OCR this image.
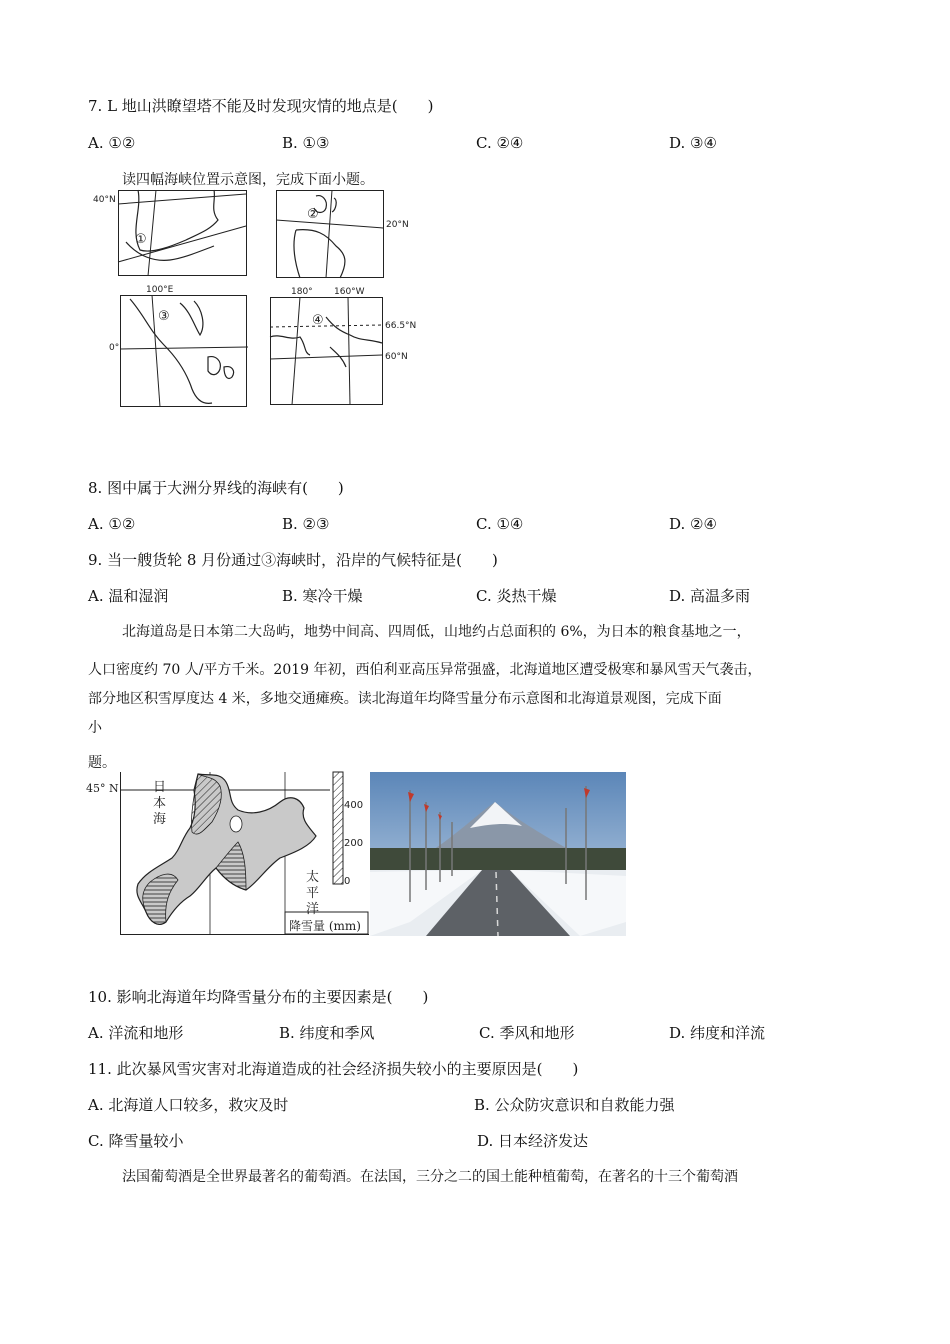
7. L 地山洪瞭望塔不能及时发现灾情的地点是(　　)
A. ①②	B. ①③	C. ②④	D. ③④
读四幅海峡位置示意图，完成下面小题。
40°N
①
②
20°N
100°E
0°
③
180° 160°W
④	66.5°N
60°N
8. 图中属于大洲分界线的海峡有(　　)
A. ①②	B. ②③	C. ①④	D. ②④
9. 当一艘货轮 8 月份通过③海峡时，沿岸的气候特征是(　　)
A. 温和湿润	B. 寒冷干燥	C. 炎热干燥	D. 高温多雨
北海道岛是日本第二大岛屿，地势中间高、四周低，山地约占总面积的 6%，为日本的粮食基地之一，
人口密度约 70 人/平方千米。2019 年初，西伯利亚高压异常强盛，北海道地区遭受极寒和暴风雪天气袭击，
部分地区积雪厚度达 4 米，多地交通瘫痪。读北海道年均降雪量分布示意图和北海道景观图，完成下面
小
题。
45° N	日
本
海
太
平
洋
400
200
0
降雪量 (mm)
10. 影响北海道年均降雪量分布的主要因素是(　　)
A. 洋流和地形	B. 纬度和季风	C. 季风和地形	D. 纬度和洋流
11. 此次暴风雪灾害对北海道造成的社会经济损失较小的主要原因是(　　)
A. 北海道人口较多，救灾及时	B. 公众防灾意识和自救能力强
C. 降雪量较小	D. 日本经济发达
法国葡萄酒是全世界最著名的葡萄酒。在法国，三分之二的国土能种植葡萄，在著名的十三个葡萄酒
